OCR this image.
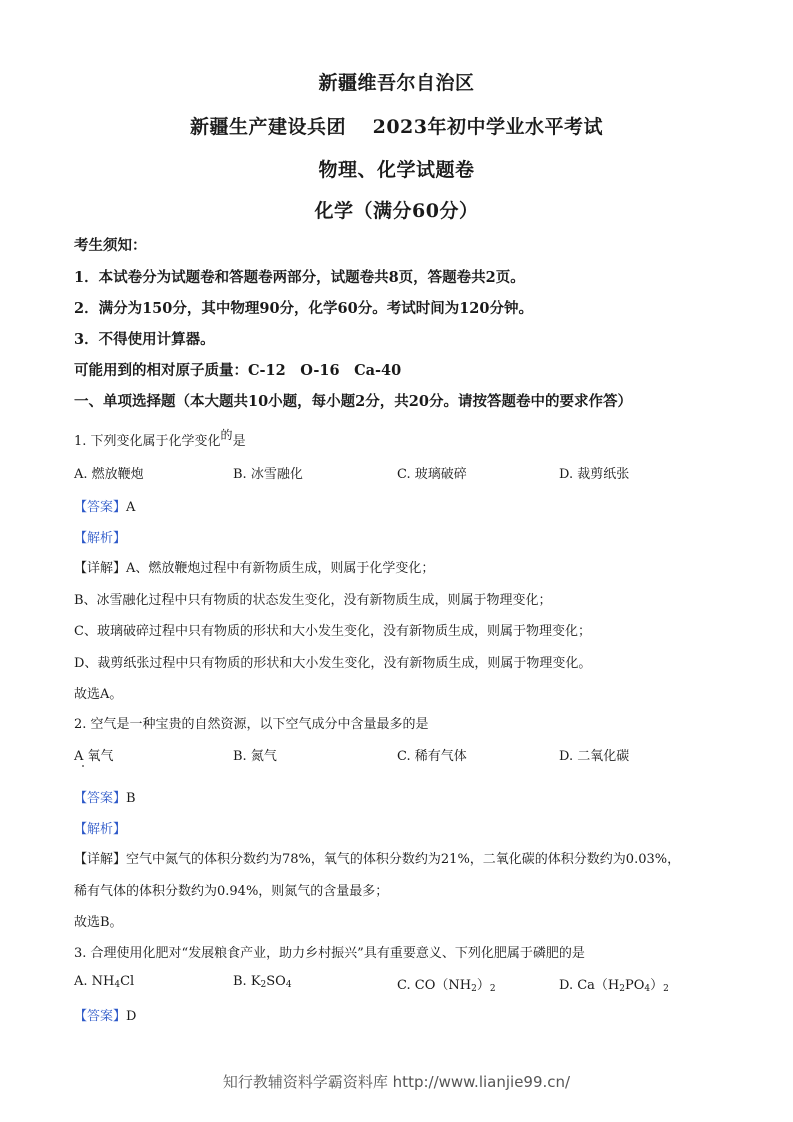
新疆维吾尔自治区
新疆生产建设兵团　 2023年初中学业水平考试
物理、化学试题卷
化学（满分60分）
考生须知：
1．本试卷分为试题卷和答题卷两部分，试题卷共8页，答题卷共2页。
2．满分为150分，其中物理90分，化学60分。考试时间为120分钟。
3．不得使用计算器。
可能用到的相对原子质量：C-12　O-16　Ca-40
一、单项选择题（本大题共10小题，每小题2分，共20分。请按答题卷中的要求作答）
1. 下列变化属于化学变化的是
A. 燃放鞭炮	B. 冰雪融化	C. 玻璃破碎	D. 裁剪纸张
【答案】A
【解析】
【详解】A、燃放鞭炮过程中有新物质生成，则属于化学变化；
B、冰雪融化过程中只有物质的状态发生变化，没有新物质生成，则属于物理变化；
C、玻璃破碎过程中只有物质的形状和大小发生变化，没有新物质生成，则属于物理变化；
D、裁剪纸张过程中只有物质的形状和大小发生变化，没有新物质生成，则属于物理变化。
故选A。
2. 空气是一种宝贵的自然资源，以下空气成分中含量最多的是
A 氧气	B. 氮气	C. 稀有气体	D. 二氧化碳
【答案】B
【解析】
【详解】空气中氮气的体积分数约为78%，氧气的体积分数约为21%，二氧化碳的体积分数约为0.03%，
稀有气体的体积分数约为0.94%，则氮气的含量最多；
故选B。
3. 合理使用化肥对“发展粮食产业，助力乡村振兴”具有重要意义、下列化肥属于磷肥的是
A. $NH_4Cl$	B. $K_2SO_4$	C. $CO(NH_2)_2$	D. $Ca(H_2PO_4)_2$
【答案】D
知行教辅资料学霸资料库 http://www.lianjie99.cn/
